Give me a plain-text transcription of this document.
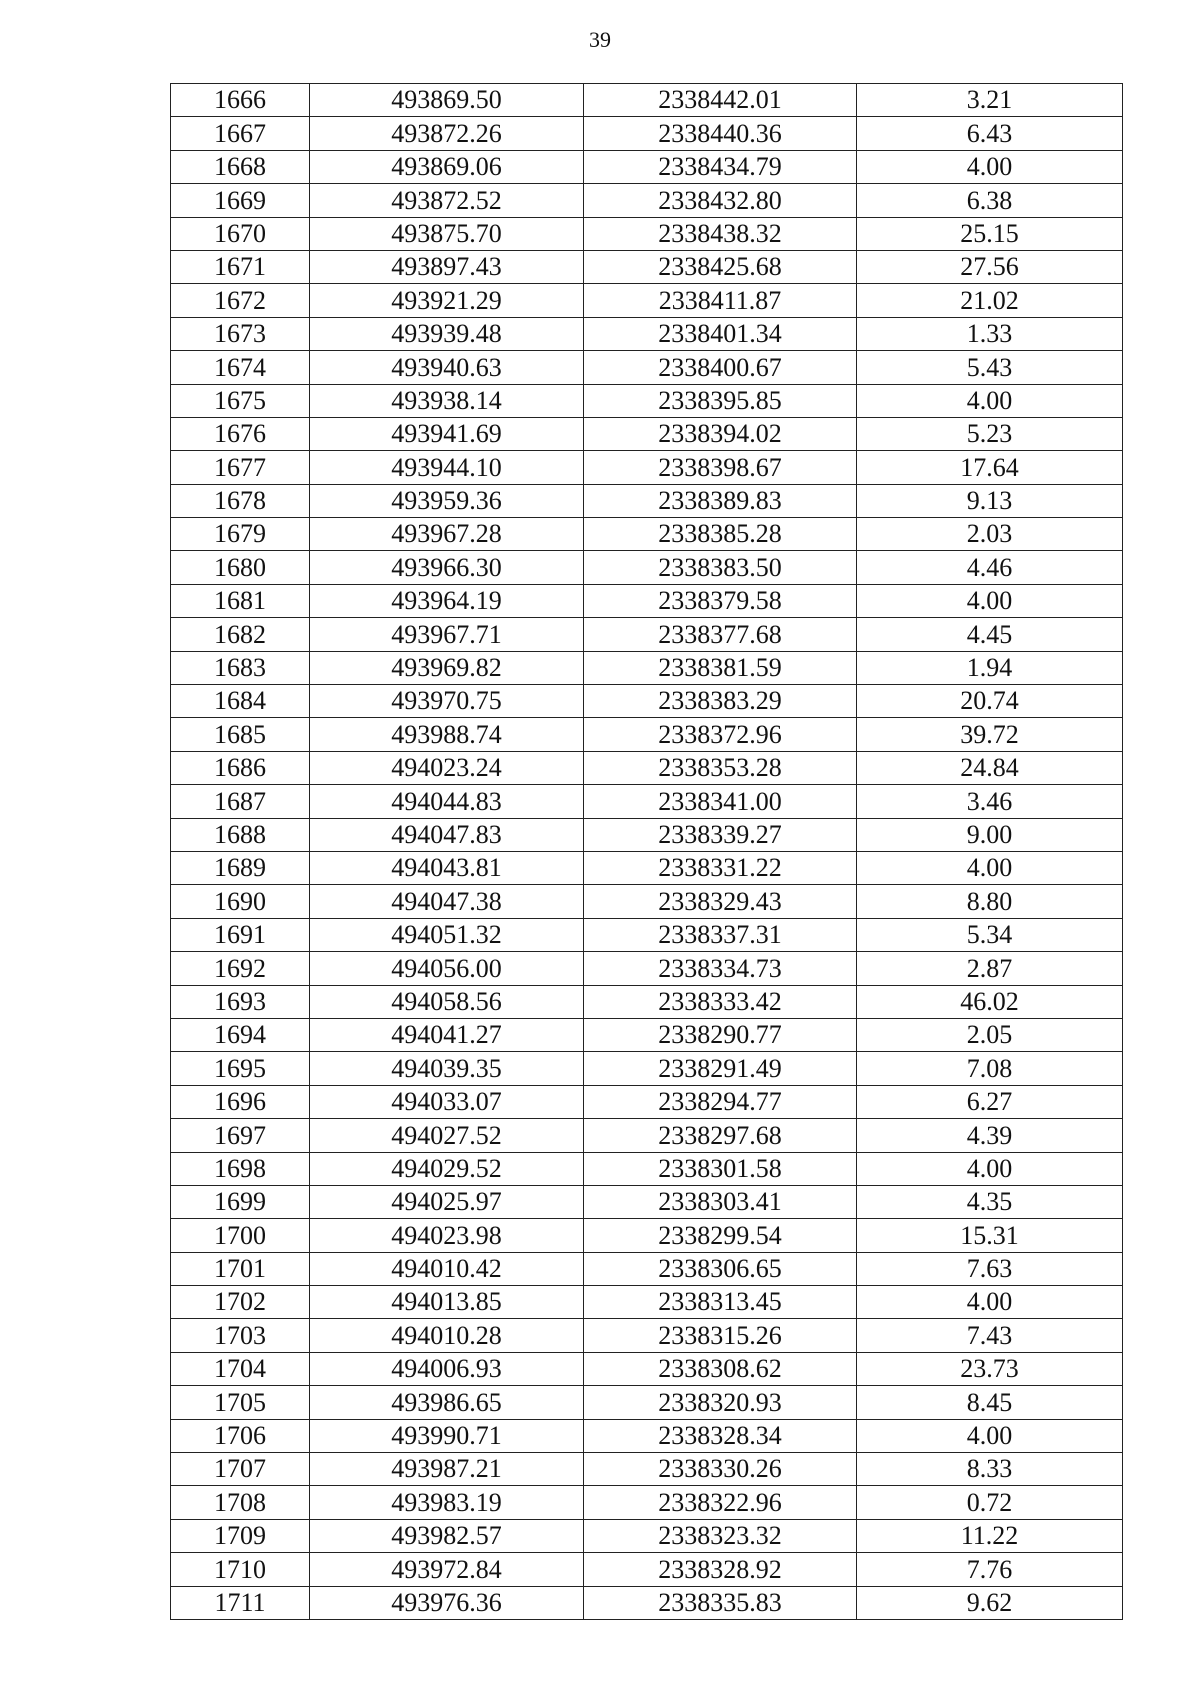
39
1666	493869.50	2338442.01	3.21
1667	493872.26	2338440.36	6.43
1668	493869.06	2338434.79	4.00
1669	493872.52	2338432.80	6.38
1670	493875.70	2338438.32	25.15
1671	493897.43	2338425.68	27.56
1672	493921.29	2338411.87	21.02
1673	493939.48	2338401.34	1.33
1674	493940.63	2338400.67	5.43
1675	493938.14	2338395.85	4.00
1676	493941.69	2338394.02	5.23
1677	493944.10	2338398.67	17.64
1678	493959.36	2338389.83	9.13
1679	493967.28	2338385.28	2.03
1680	493966.30	2338383.50	4.46
1681	493964.19	2338379.58	4.00
1682	493967.71	2338377.68	4.45
1683	493969.82	2338381.59	1.94
1684	493970.75	2338383.29	20.74
1685	493988.74	2338372.96	39.72
1686	494023.24	2338353.28	24.84
1687	494044.83	2338341.00	3.46
1688	494047.83	2338339.27	9.00
1689	494043.81	2338331.22	4.00
1690	494047.38	2338329.43	8.80
1691	494051.32	2338337.31	5.34
1692	494056.00	2338334.73	2.87
1693	494058.56	2338333.42	46.02
1694	494041.27	2338290.77	2.05
1695	494039.35	2338291.49	7.08
1696	494033.07	2338294.77	6.27
1697	494027.52	2338297.68	4.39
1698	494029.52	2338301.58	4.00
1699	494025.97	2338303.41	4.35
1700	494023.98	2338299.54	15.31
1701	494010.42	2338306.65	7.63
1702	494013.85	2338313.45	4.00
1703	494010.28	2338315.26	7.43
1704	494006.93	2338308.62	23.73
1705	493986.65	2338320.93	8.45
1706	493990.71	2338328.34	4.00
1707	493987.21	2338330.26	8.33
1708	493983.19	2338322.96	0.72
1709	493982.57	2338323.32	11.22
1710	493972.84	2338328.92	7.76
1711	493976.36	2338335.83	9.62
